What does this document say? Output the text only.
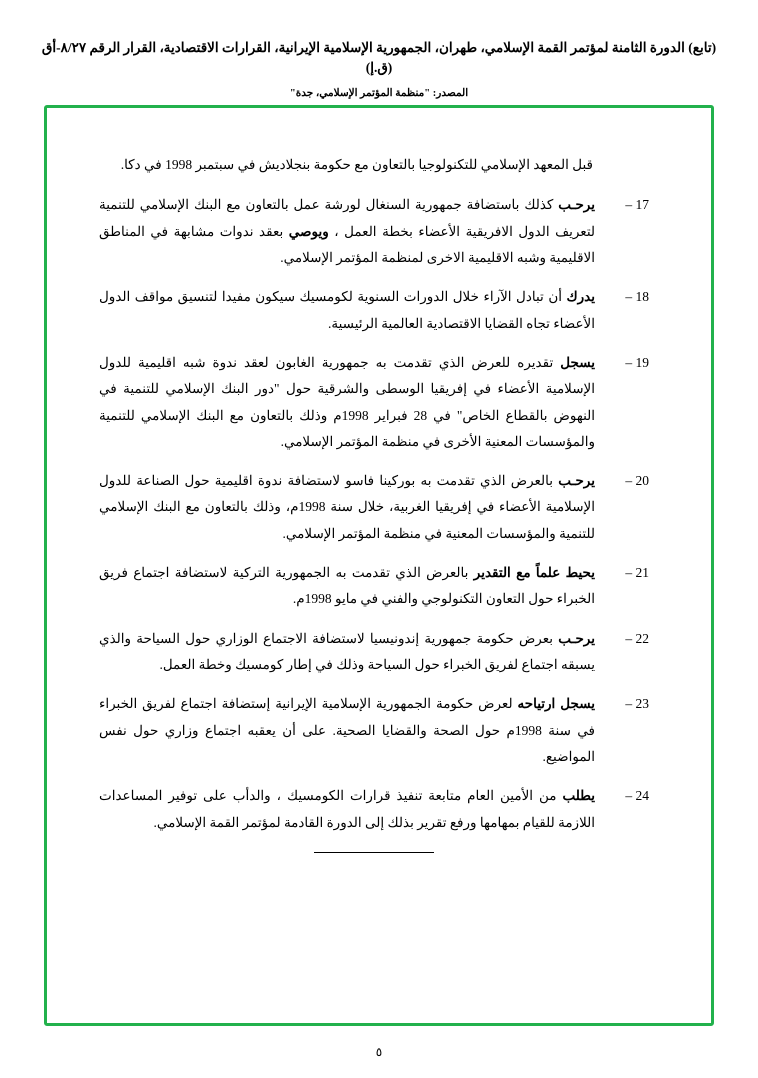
(تابع) الدورة الثامنة لمؤتمر القمة الإسلامي، طهران، الجمهورية الإسلامية الإيرانية، القرارات الاقتصادية، القرار الرقم ٨/٢٧-أق (ق.إ)
المصدر: "منظمة المؤتمر الإسلامي، جدة"

قبل المعهد الإسلامي للتكنولوجيا بالتعاون مع حكومة بنجلاديش في سبتمبر 1998 في دكا.

17 –
يرحـب كذلك باستضافة جمهورية السنغال لورشة عمل بالتعاون مع البنك الإسلامي للتنمية لتعريف الدول الافريقية الأعضاء بخطة العمل ، ويوصي بعقد ندوات مشابهة في المناطق الاقليمية وشبه الاقليمية الاخرى لمنظمة المؤتمر الإسلامي.
18 –
يدرك أن تبادل الآراء خلال الدورات السنوية لكومسيك سيكون مفيدا لتنسيق مواقف الدول الأعضاء تجاه القضايا الاقتصادية العالمية الرئيسية.
19 –
يسجل تقديره للعرض الذي تقدمت به جمهورية الغابون لعقد ندوة شبه اقليمية للدول الإسلامية الأعضاء في إفريقيا الوسطى والشرقية حول "دور البنك الإسلامي للتنمية في النهوض بالقطاع الخاص" في 28 فبراير 1998م وذلك بالتعاون مع البنك الإسلامي للتنمية والمؤسسات المعنية الأخرى في منظمة المؤتمر الإسلامي.
20 –
يرحـب بالعرض الذي تقدمت به بوركينا فاسو لاستضافة ندوة اقليمية حول الصناعة للدول الإسلامية الأعضاء في إفريقيا الغربية، خلال سنة 1998م، وذلك بالتعاون مع البنك الإسلامي للتنمية والمؤسسات المعنية في منظمة المؤتمر الإسلامي.
21 –
يحيط علماً مع التقدير بالعرض الذي تقدمت به الجمهورية التركية لاستضافة اجتماع فريق الخبراء حول التعاون التكنولوجي والفني في مايو 1998م.
22 –
يرحـب بعرض حكومة جمهورية إندونيسيا لاستضافة الاجتماع الوزاري حول السياحة والذي يسبقه اجتماع لفريق الخبراء حول السياحة وذلك في إطار كومسيك وخطة العمل.
23 –
يسجل ارتياحه لعرض حكومة الجمهورية الإسلامية الإيرانية إستضافة اجتماع لفريق الخبراء في سنة 1998م حول الصحة والقضايا الصحية. على أن يعقبه اجتماع وزاري حول نفس المواضيع.
24 –
يطلب من الأمين العام متابعة تنفيذ قرارات الكومسيك ، والدأب على توفير المساعدات اللازمة للقيام بمهامها ورفع تقرير بذلك إلى الدورة القادمة لمؤتمر القمة الإسلامي.
٥
